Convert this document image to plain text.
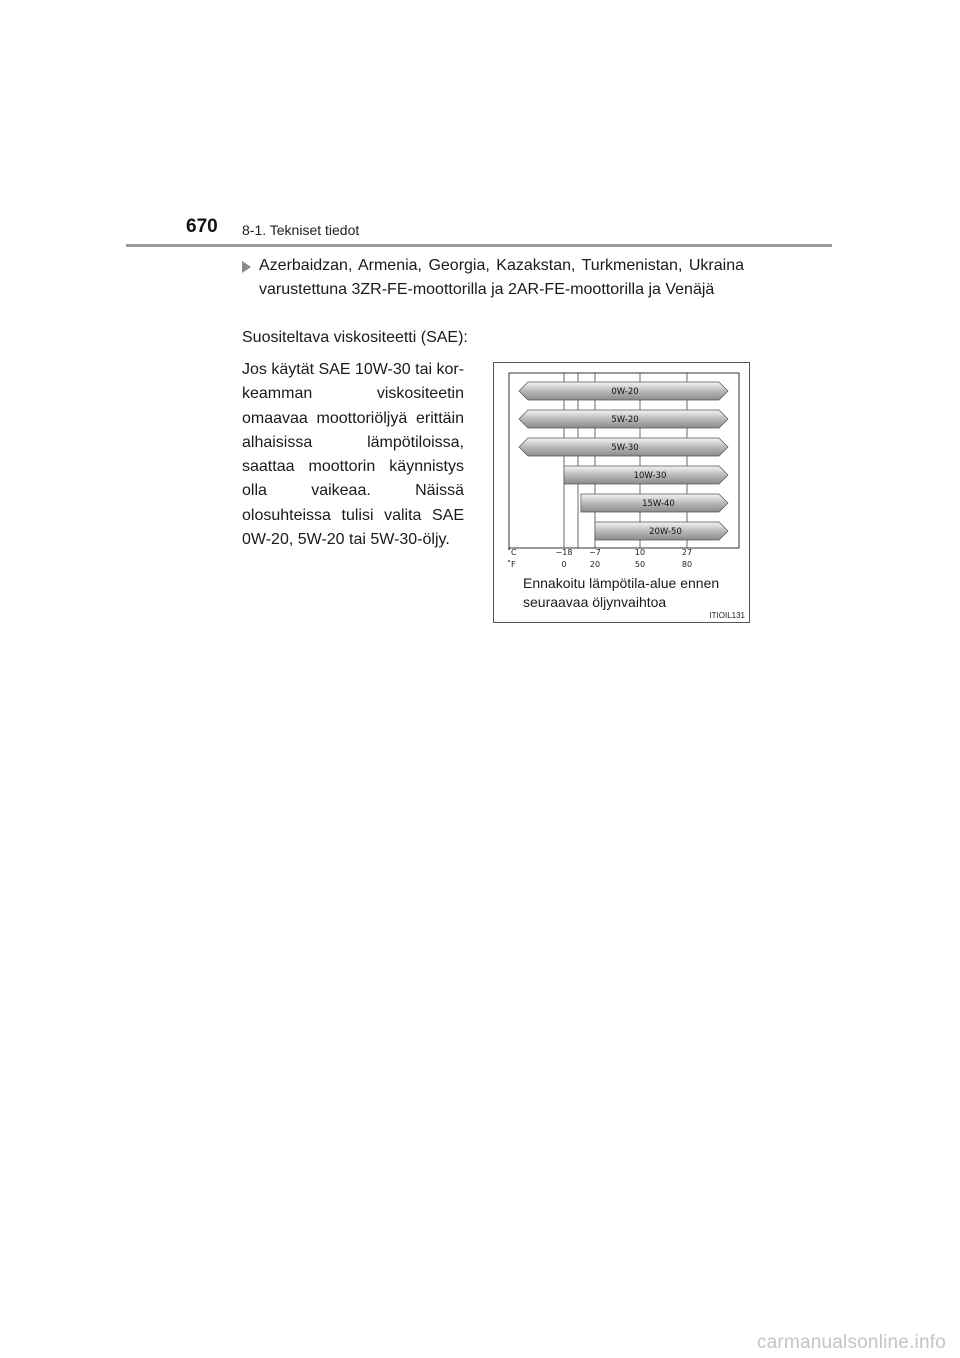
670 8-1. Tekniset tiedot
Azerbaidzan, Armenia, Georgia, Kazakstan, Turkmenistan, Ukraina varustettuna 3ZR-FE-moottorilla ja 2AR-FE-moottorilla ja Venäjä
Suositeltava viskositeetti (SAE):
Jos käytät SAE 10W-30 tai kor-keamman viskositeetin omaavaa moottoriöljyä erittäin alhaisissa lämpötiloissa, saattaa moottorin käynnistys olla vaikeaa. Näissä olosuhteissa tulisi valita SAE 0W-20, 5W-20 tai 5W-30-öljy.
0W-20
5W-20
5W-30
10W-30
15W-40
20W-50
−18 −7	10	27
0	20	50	80
˚C
˚F
Ennakoitu lämpötila-alue ennen seuraavaa öljynvaihtoa
ITIOIL131
carmanualsonline.info
